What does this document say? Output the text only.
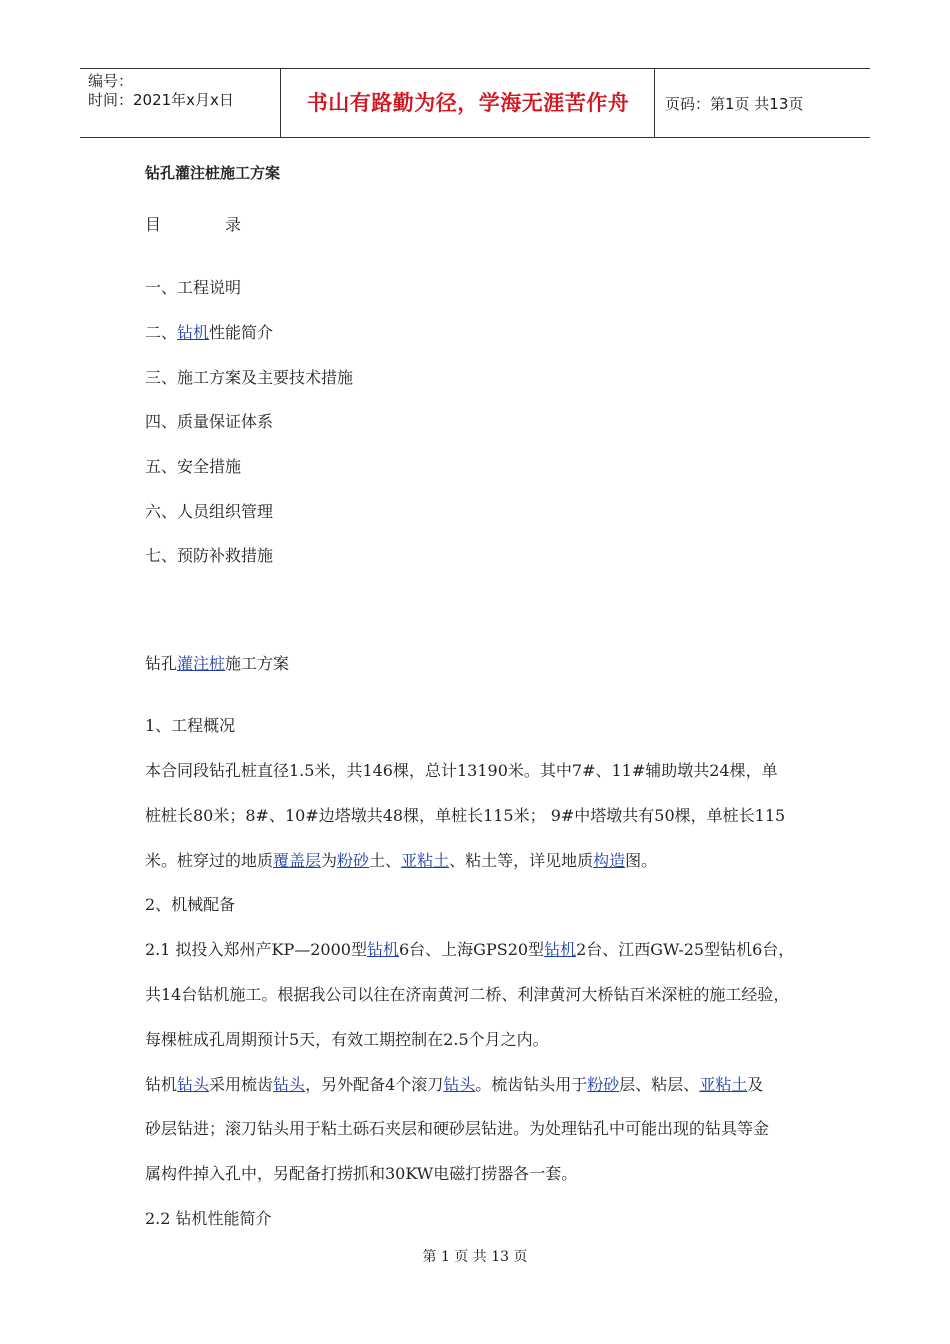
编号：
时间：2021年x月x日	书山有路勤为径，学海无涯苦作舟	页码：第1页 共13页
钻孔灌注桩施工方案
目	录
一、工程说明
二、钻机性能简介
三、施工方案及主要技术措施
四、质量保证体系
五、安全措施
六、人员组织管理
七、预防补救措施
钻孔灌注桩施工方案
1、工程概况
本合同段钻孔桩直径1.5米，共146棵，总计13190米。其中7#、11#辅助墩共24棵，单
桩桩长80米；8#、10#边塔墩共48棵，单桩长115米； 9#中塔墩共有50棵，单桩长115
米。桩穿过的地质覆盖层为粉砂土、亚粘土、粘土等，详见地质构造图。
2、机械配备
2.1 拟投入郑州产KP—2000型钻机6台、上海GPS20型钻机2台、江西GW-25型钻机6台，
共14台钻机施工。根据我公司以往在济南黄河二桥、利津黄河大桥钻百米深桩的施工经验，
每棵桩成孔周期预计5天，有效工期控制在2.5个月之内。
钻机钻头采用梳齿钻头，另外配备4个滚刀钻头。梳齿钻头用于粉砂层、粘层、亚粘土及
砂层钻进；滚刀钻头用于粘土砾石夹层和硬砂层钻进。为处理钻孔中可能出现的钻具等金
属构件掉入孔中，另配备打捞抓和30KW电磁打捞器各一套。
2.2 钻机性能简介
第 1 页 共 13 页
